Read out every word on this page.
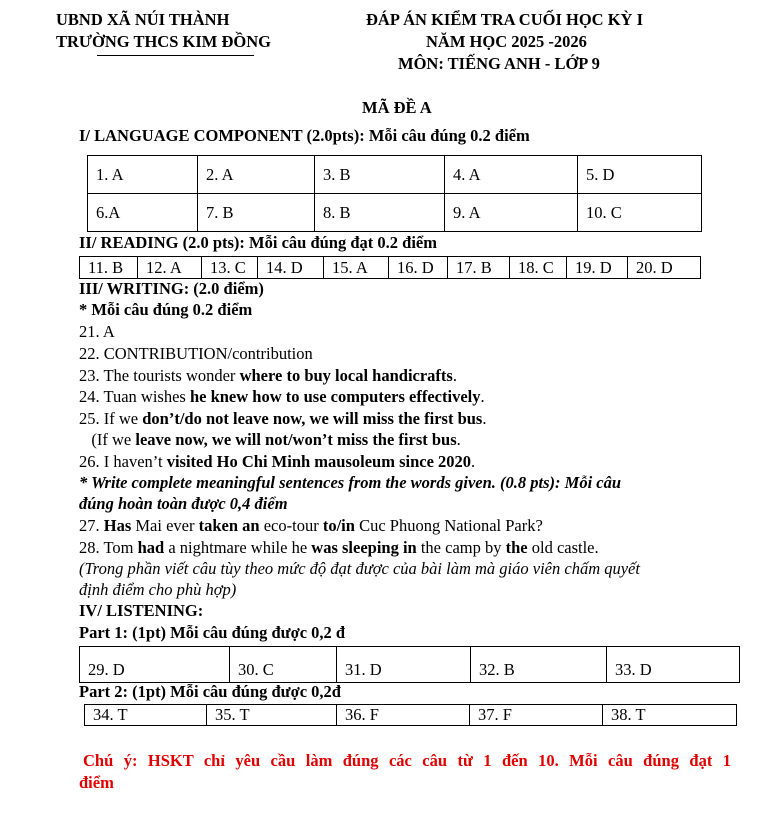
UBND XÃ NÚI THÀNH
TRƯỜNG THCS KIM ĐỒNG
ĐÁP ÁN KIỂM TRA CUỐI HỌC KỲ I
NĂM HỌC 2025 -2026
MÔN: TIẾNG ANH - LỚP 9
MÃ ĐỀ A
I/ LANGUAGE COMPONENT (2.0pts): Mỗi câu đúng 0.2 điểm
1. A	2. A	3. B	4. A	5. D
6.A	7. B	8. B	9. A	10. C
II/ READING (2.0 pts): Mỗi câu đúng đạt 0.2 điểm
11. B	12. A	13. C	14. D	15. A	16. D	17. B	18. C	19. D	20. D
III/ WRITING: (2.0 điểm)
* Mỗi câu đúng 0.2 điểm
21. A
22. CONTRIBUTION/contribution
23. The tourists wonder where to buy local handicrafts.
24. Tuan wishes he knew how to use computers effectively.
25. If we don’t/do not leave now, we will miss the first bus.
(If we leave now, we will not/won’t miss the first bus.
26. I haven’t visited Ho Chi Minh mausoleum since 2020.
* Write complete meaningful sentences from the words given. (0.8 pts): Mỗi câu
đúng hoàn toàn được 0,4 điểm
27. Has Mai ever taken an eco-tour to/in Cuc Phuong National Park?
28. Tom had a nightmare while he was sleeping in the camp by the old castle.
(Trong phần viết câu tùy theo mức độ đạt được của bài làm mà giáo viên chấm quyết
định điểm cho phù hợp)
IV/ LISTENING:
Part 1: (1pt) Mỗi câu đúng được 0,2 đ
29. D	30. C	31. D	32. B	33. D
Part 2: (1pt) Mỗi câu đúng được 0,2đ
34. T	35. T	36. F	37. F	38. T
Chú ý: HSKT chỉ yêu cầu làm đúng các câu từ 1 đến 10. Mỗi câu đúng đạt 1
điểm
